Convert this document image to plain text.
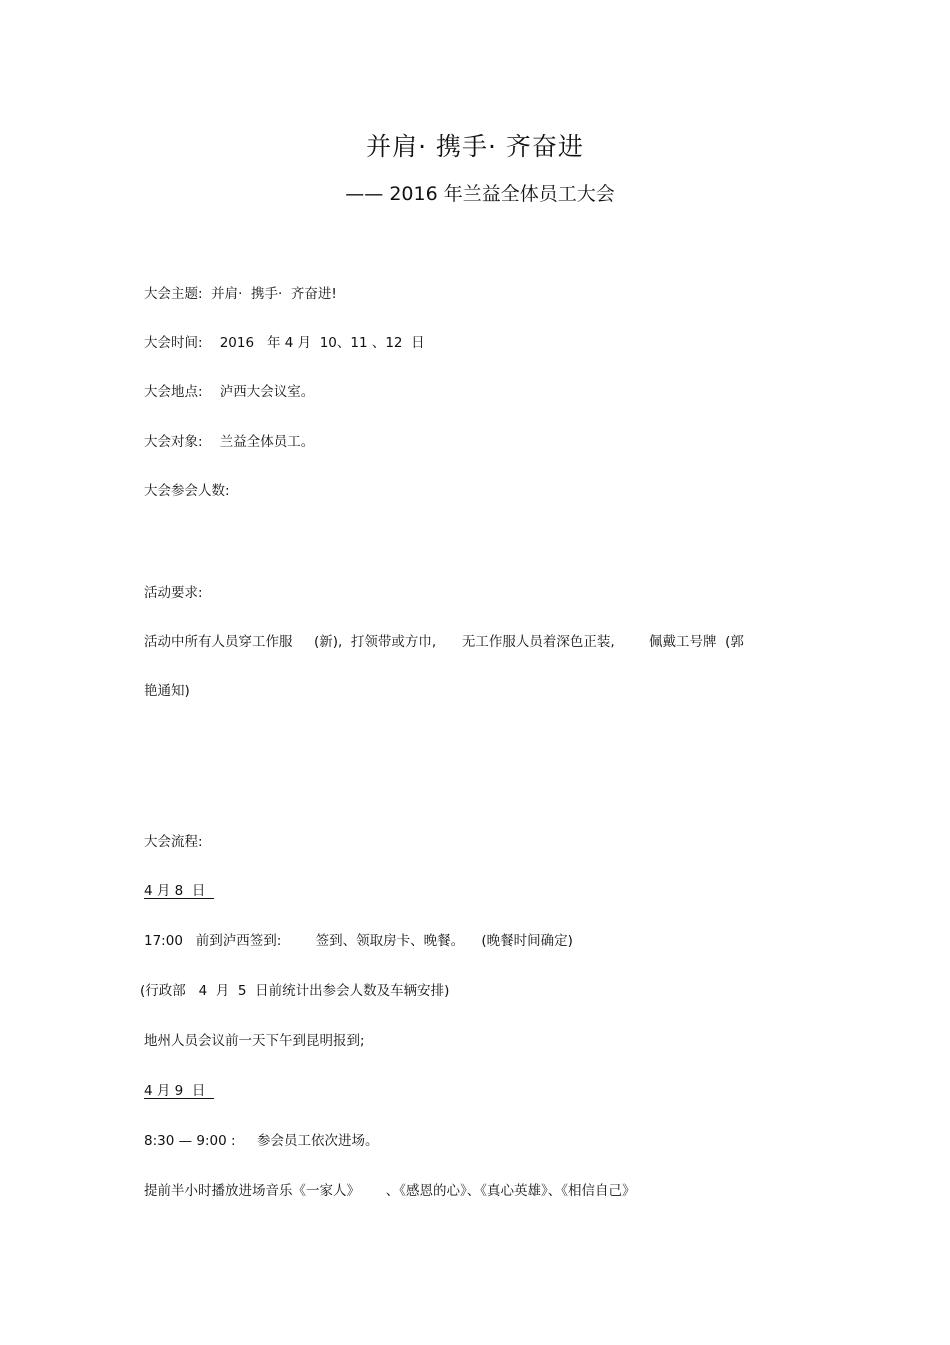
并肩· 携手· 齐奋进
—— 2016 年兰益全体员工大会
大会主题:  并肩·  携手·  齐奋进!
大会时间:    2016   年 4 月  10、11 、12  日
大会地点:    泸西大会议室。
大会对象:    兰益全体员工。
大会参会人数:
活动要求:
活动中所有人员穿工作服     (新),  打领带或方巾,      无工作服人员着深色正装,        佩戴工号牌  (郭
艳通知)
大会流程:
4 月 8  日
17:00   前到泸西签到:        签到、领取房卡、晚餐。    (晚餐时间确定)
(行政部   4  月  5  日前统计出参会人数及车辆安排)
地州人员会议前一天下午到昆明报到;
4 月 9  日
8:30 — 9:00 :     参会员工依次进场。
提前半小时播放进场音乐《一家人》      、《感恩的心》、《真心英雄》、《相信自己》
